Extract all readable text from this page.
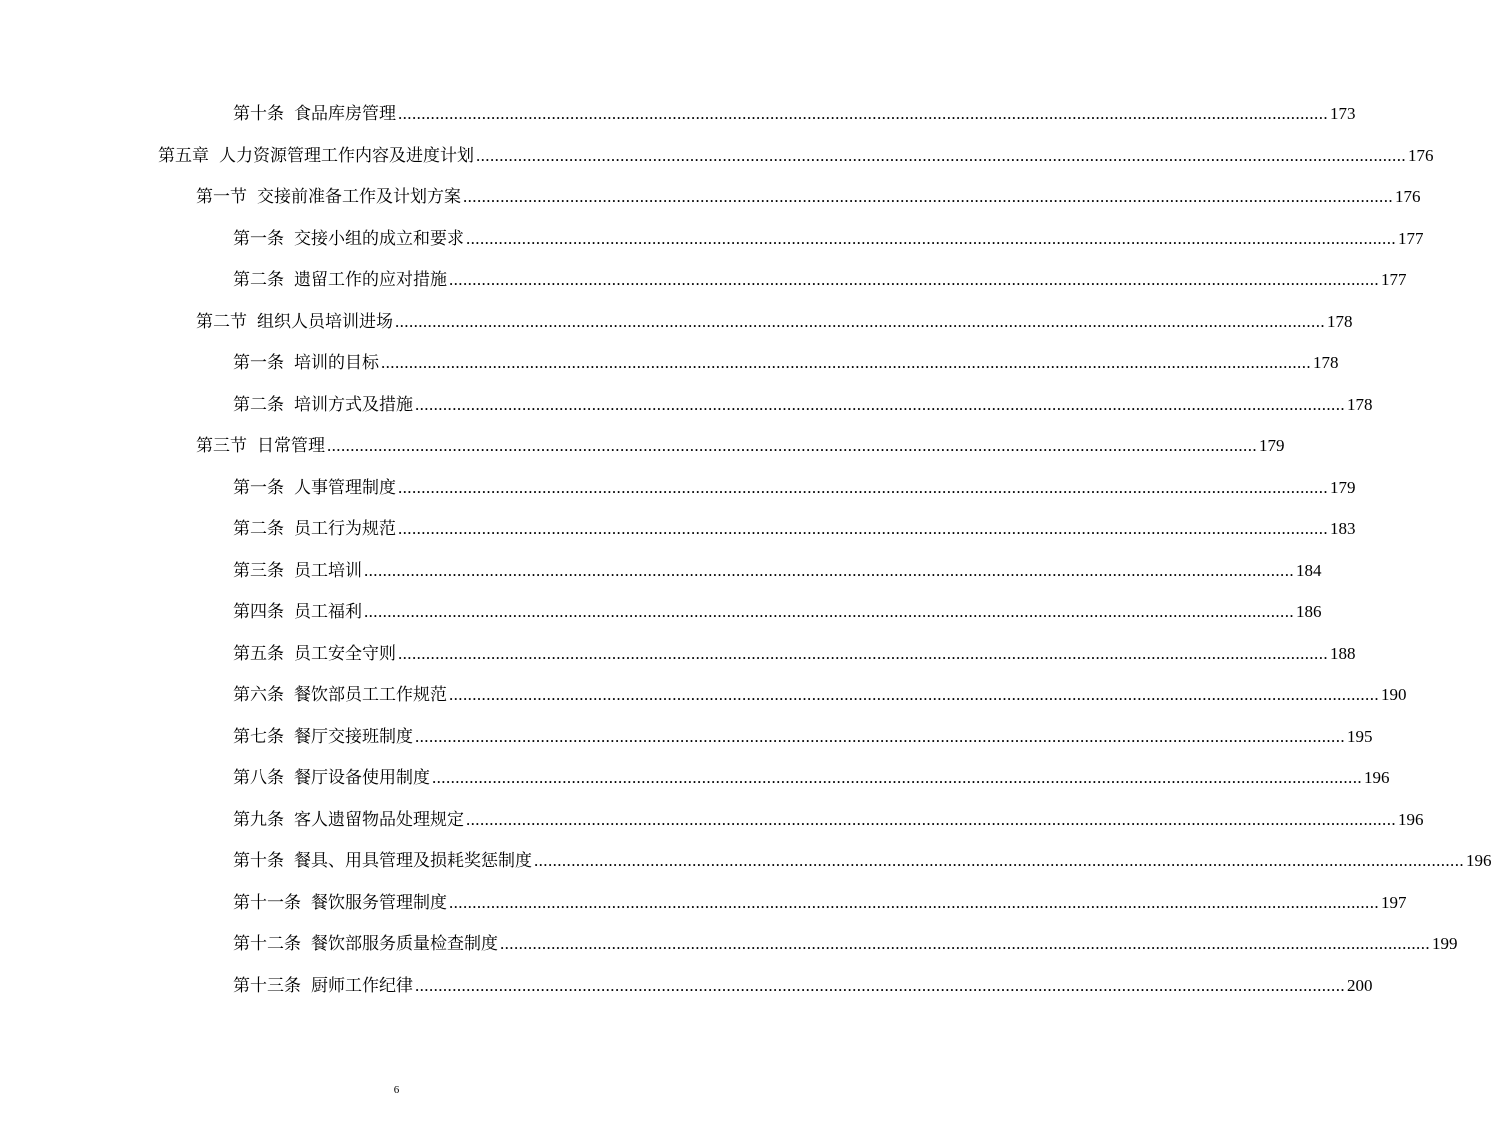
第十条 食品库房管理 ........................................................................................................................................................................................................ 173
第五章 人力资源管理工作内容及进度计划 ........................................................................................................................................................................................................ 176
第一节 交接前准备工作及计划方案 ........................................................................................................................................................................................................ 176
第一条 交接小组的成立和要求 ........................................................................................................................................................................................................ 177
第二条 遗留工作的应对措施 ........................................................................................................................................................................................................ 177
第二节 组织人员培训进场 ........................................................................................................................................................................................................ 178
第一条 培训的目标 ........................................................................................................................................................................................................ 178
第二条 培训方式及措施 ........................................................................................................................................................................................................ 178
第三节 日常管理 ........................................................................................................................................................................................................ 179
第一条 人事管理制度 ........................................................................................................................................................................................................ 179
第二条 员工行为规范 ........................................................................................................................................................................................................ 183
第三条 员工培训 ........................................................................................................................................................................................................ 184
第四条 员工福利 ........................................................................................................................................................................................................ 186
第五条 员工安全守则 ........................................................................................................................................................................................................ 188
第六条 餐饮部员工工作规范 ........................................................................................................................................................................................................ 190
第七条 餐厅交接班制度 ........................................................................................................................................................................................................ 195
第八条 餐厅设备使用制度 ........................................................................................................................................................................................................ 196
第九条 客人遗留物品处理规定 ........................................................................................................................................................................................................ 196
第十条 餐具、用具管理及损耗奖惩制度 ........................................................................................................................................................................................................ 196
第十一条 餐饮服务管理制度 ........................................................................................................................................................................................................ 197
第十二条 餐饮部服务质量检查制度 ........................................................................................................................................................................................................ 199
第十三条 厨师工作纪律 ........................................................................................................................................................................................................ 200
6
